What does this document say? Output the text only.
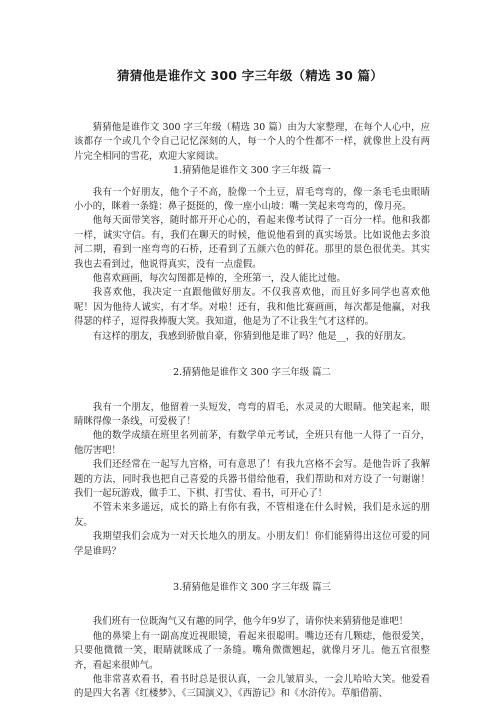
猜猜他是谁作文 300 字三年级（精选 30 篇）

猜猜他是谁作文 300 字三年级（精选 30 篇）由为大家整理，在每个人心中，应该都存一个或几个令自己记忆深刻的人，每一个人的个性都不一样，就像世上没有两片完全相同的雪花，欢迎大家阅读。

1.猜猜他是谁作文 300 字三年级 篇一

我有一个好朋友，他个子不高，脸像一个土豆，眉毛弯弯的，像一条毛毛虫眼睛小小的，眯着一条缝：鼻子挺挺的，像一座小山坡：嘴一笑起来弯弯的，像月亮。

他每天面带笑容，随时都开开心心的，看起来像考试得了一百分一样。他和我都一样，诚实守信。有，我们在聊天的时候，他说他看到的真实场景。比如说他去多浪河二期，看到一座弯弯的石桥，还看到了五颜六色的鲜花。那里的景色很优美。其实我也去看到过，他说得真实，没有一点虚假。

他喜欢画画，每次勾图都是棒的，全班第一，没人能比过他。

我喜欢他，我决定一直跟他做好朋友。不仅我喜欢他，而且好多同学也喜欢他呢！因为他待人诚实，有才华。对啦！还有，我和他比赛画画，每次都是他赢，对我得瑟的样子，逗得我捧腹大笑。我知道，他是为了不让我生气才这样的。

有这样的朋友，我感到骄傲自豪，你猜到他是谁了吗？他是__，我的好朋友。

2.猜猜他是谁作文 300 字三年级 篇二

我有一个朋友，他留着一头短发，弯弯的眉毛，水灵灵的大眼睛。他笑起来，眼睛眯得像一条线，可爱极了！

他的数学成绩在班里名列前茅，有数学单元考试，全班只有他一人得了一百分，他厉害吧！

我们还经常在一起写九宫格，可有意思了！有我九宫格不会写。是他告诉了我解题的方法，同时我也把自己喜爱的兵器书借给他看，我们帮助和对方设了一句谢谢！我们一起玩游戏，做手工、下棋、打雪仗、看书，可开心了！

不管未来多遥远，成长的路上有你有我，不管相逢在什么时候，我们是永远的朋友。

我期望我们会成为一对天长地久的朋友。小朋友们！你们能猜得出这位可爱的同学是谁吗？

3.猜猜他是谁作文 300 字三年级 篇三

我们班有一位既淘气又有趣的同学，他今年9岁了，请你快来猜猜他是谁吧！

他的鼻梁上有一副高度近视眼镜，看起来很聪明。嘴边还有几颗痣，他很爱笑，只要他微微一笑，眼睛就眯成了一条缝。嘴角微微翘起，就像月牙儿。他五官很整齐，看起来很帅气。

他非常喜欢看书，看书时总是很认真，一会儿皱眉头，一会儿哈哈大笑。他爱看的是四大名著《红楼梦》、《三国演义》、《西游记》和《水浒传》。草船借箭、
